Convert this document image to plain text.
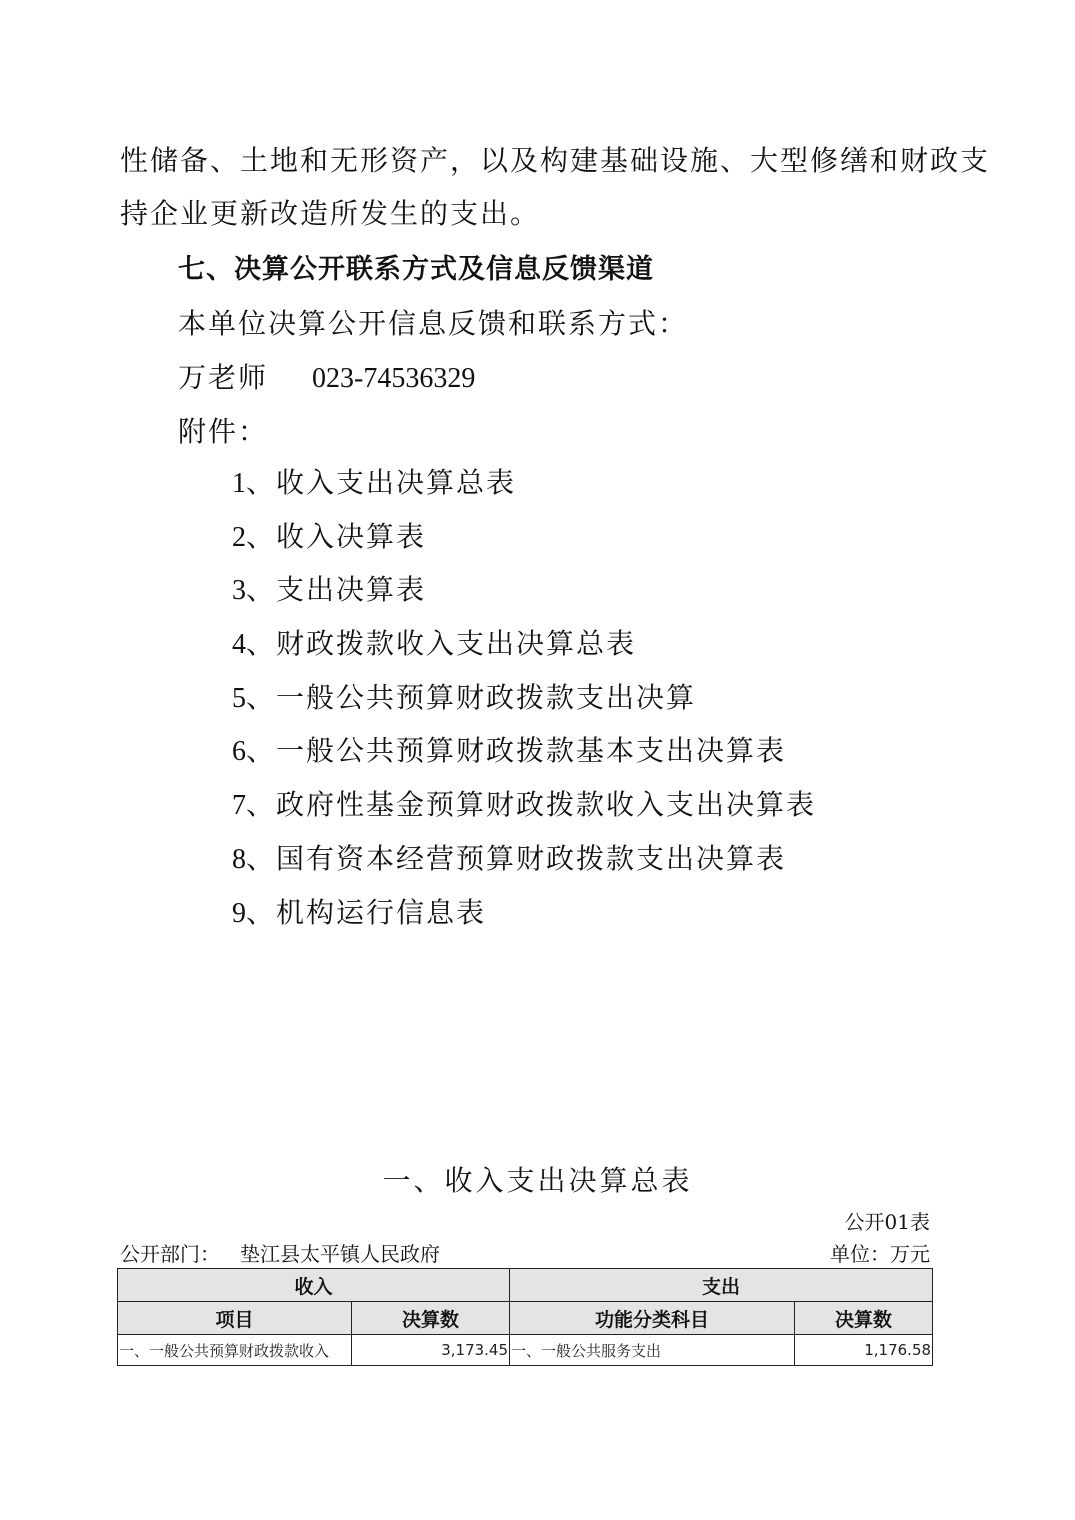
性储备、土地和无形资产，以及构建基础设施、大型修缮和财政支
持企业更新改造所发生的支出。
七、决算公开联系方式及信息反馈渠道
本单位决算公开信息反馈和联系方式：
万老师 023-74536329
附件：
1、收入支出决算总表
2、收入决算表
3、支出决算表
4、财政拨款收入支出决算总表
5、一般公共预算财政拨款支出决算
6、一般公共预算财政拨款基本支出决算表
7、政府性基金预算财政拨款收入支出决算表
8、国有资本经营预算财政拨款支出决算表
9、机构运行信息表
一、收入支出决算总表
公开01表
公开部门： 垫江县太平镇人民政府	单位：万元
收入		支出	
项目	决算数	功能分类科目	决算数
一、一般公共预算财政拨款收入	3,173.45	一、一般公共服务支出	1,176.58
